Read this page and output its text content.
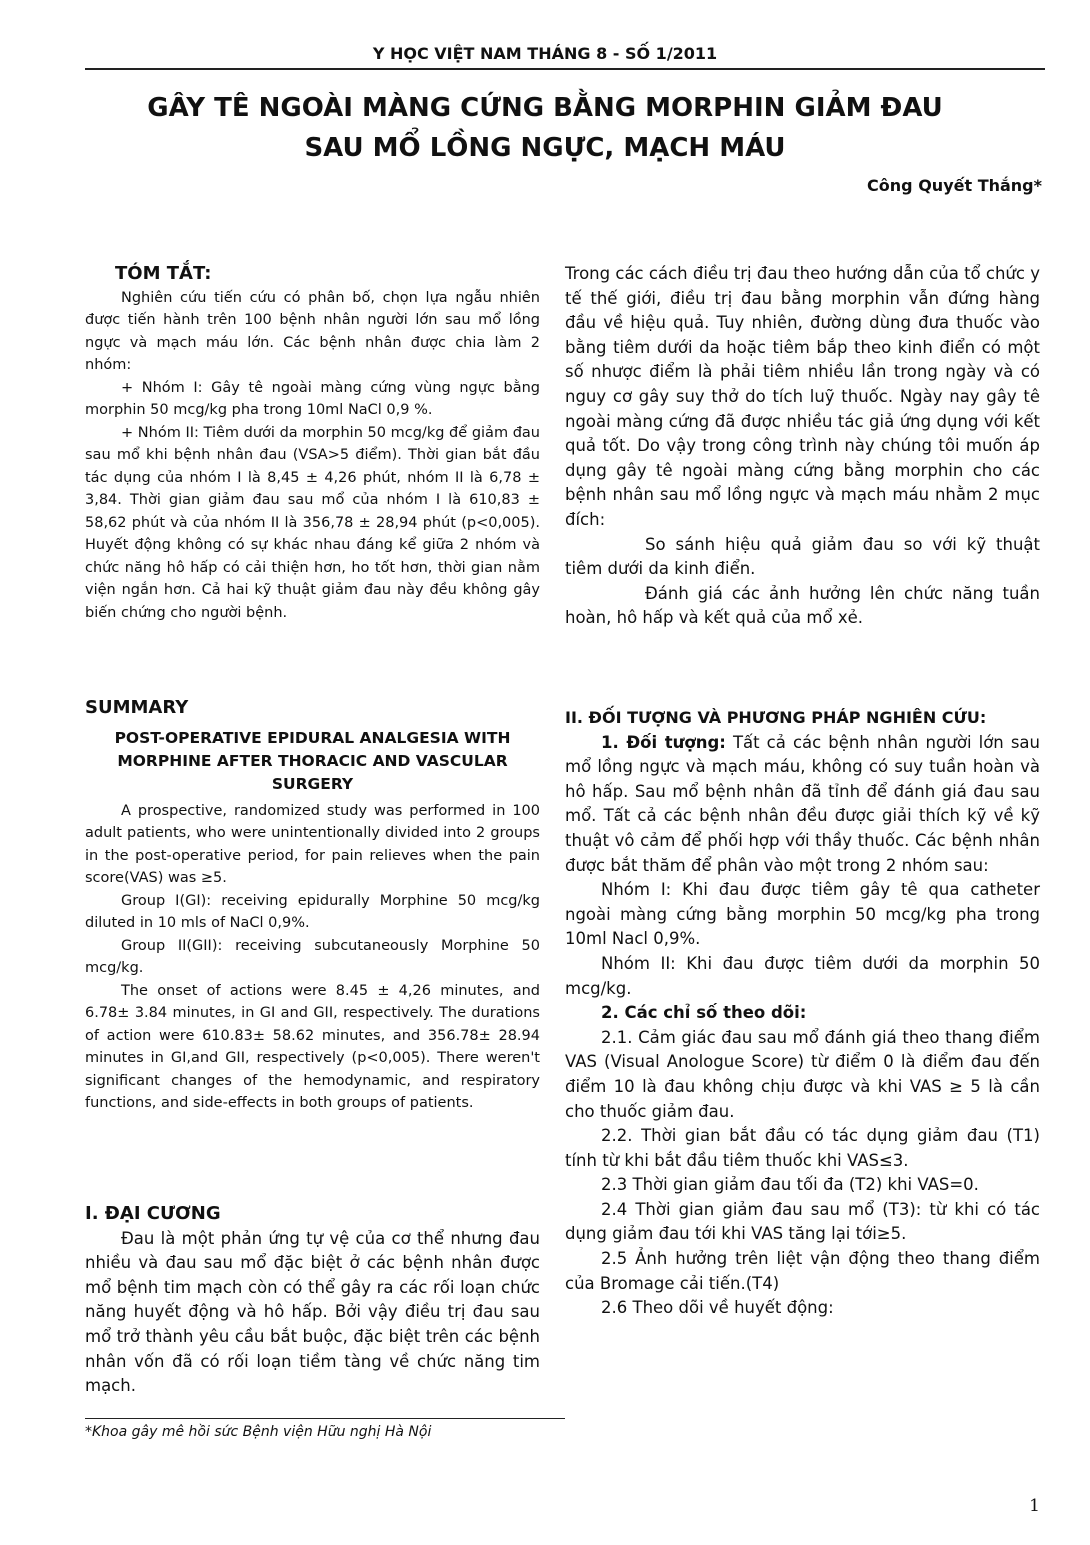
Y HỌC VIỆT NAM THÁNG 8 - SỐ 1/2011
GÂY TÊ NGOÀI MÀNG CỨNG BẰNG MORPHIN GIẢM ĐAU
SAU MỔ LỒNG NGỰC, MẠCH MÁU
Công Quyết Thắng*

TÓM TẮT:

Nghiên cứu tiến cứu có phân bố, chọn lựa ngẫu nhiên được tiến hành trên 100 bệnh nhân người lớn sau mổ lồng ngực và mạch máu lớn. Các bệnh nhân được chia làm 2 nhóm:

+ Nhóm I: Gây tê ngoài màng cứng vùng ngực bằng morphin 50 mcg/kg pha trong 10ml NaCl 0,9 %.

+ Nhóm II: Tiêm dưới da morphin 50 mcg/kg để giảm đau sau mổ khi bệnh nhân đau (VSA>5 điểm). Thời gian bắt đầu tác dụng của nhóm I là 8,45 ± 4,26 phút, nhóm II là 6,78 ± 3,84. Thời gian giảm đau sau mổ của nhóm I là 610,83 ± 58,62 phút và của nhóm II là 356,78 ± 28,94 phút (p<0,005). Huyết động không có sự khác nhau đáng kể giữa 2 nhóm và chức năng hô hấp có cải thiện hơn, ho tốt hơn, thời gian nằm viện ngắn hơn. Cả hai kỹ thuật giảm đau này đều không gây biến chứng cho người bệnh.

SUMMARY

POST-OPERATIVE EPIDURAL ANALGESIA WITH MORPHINE AFTER THORACIC AND VASCULAR SURGERY

A prospective, randomized study was performed in 100 adult patients, who were unintentionally divided into 2 groups in the post-operative period, for pain relieves when the pain score(VAS) was ≥5.

Group I(GI): receiving epidurally Morphine 50 mcg/kg diluted in 10 mls of NaCl 0,9%.

Group II(GII): receiving subcutaneously Morphine 50 mcg/kg.

The onset of actions were 8.45 ± 4,26 minutes, and 6.78± 3.84 minutes, in GI and GII, respectively. The durations of action were 610.83± 58.62 minutes, and 356.78± 28.94 minutes in GI,and GII, respectively (p<0,005). There weren't significant changes of the hemodynamic, and respiratory functions, and side-effects in both groups of patients.

I. ĐẠI CƯƠNG

Đau là một phản ứng tự vệ của cơ thể nhưng đau nhiều và đau sau mổ đặc biệt ở các bệnh nhân được mổ bệnh tim mạch còn có thể gây ra các rối loạn chức năng huyết động và hô hấp. Bởi vậy điều trị đau sau mổ trở thành yêu cầu bắt buộc, đặc biệt trên các bệnh nhân vốn đã có rối loạn tiềm tàng về chức năng tim mạch.

Trong các cách điều trị đau theo hướng dẫn của tổ chức y tế thế giới, điều trị đau bằng morphin vẫn đứng hàng đầu về hiệu quả. Tuy nhiên, đường dùng đưa thuốc vào bằng tiêm dưới da hoặc tiêm bắp theo kinh điển có một số nhược điểm là phải tiêm nhiều lần trong ngày và có nguy cơ gây suy thở do tích luỹ thuốc. Ngày nay gây tê ngoài màng cứng đã được nhiều tác giả ứng dụng với kết quả tốt. Do vậy trong công trình này chúng tôi muốn áp dụng gây tê ngoài màng cứng bằng morphin cho các bệnh nhân sau mổ lồng ngực và mạch máu nhằm 2 mục đích:

So sánh hiệu quả giảm đau so với kỹ thuật tiêm dưới da kinh điển.

Đánh giá các ảnh hưởng lên chức năng tuần hoàn, hô hấp và kết quả của mổ xẻ.

II. ĐỐI TƯỢNG VÀ PHƯƠNG PHÁP NGHIÊN CỨU:

1. Đối tượng: Tất cả các bệnh nhân người lớn sau mổ lồng ngực và mạch máu, không có suy tuần hoàn và hô hấp. Sau mổ bệnh nhân đã tỉnh để đánh giá đau sau mổ. Tất cả các bệnh nhân đều được giải thích kỹ về kỹ thuật vô cảm để phối hợp với thầy thuốc. Các bệnh nhân được bắt thăm để phân vào một trong 2 nhóm sau:

Nhóm I: Khi đau được tiêm gây tê qua catheter ngoài màng cứng bằng morphin 50 mcg/kg pha trong 10ml Nacl 0,9%.

Nhóm II: Khi đau được tiêm dưới da morphin 50 mcg/kg.

2. Các chỉ số theo dõi:

2.1. Cảm giác đau sau mổ đánh giá theo thang điểm VAS (Visual Anologue Score) từ điểm 0 là điểm đau đến điểm 10 là đau không chịu được và khi VAS ≥ 5 là cần cho thuốc giảm đau.

2.2. Thời gian bắt đầu có tác dụng giảm đau (T1) tính từ khi bắt đầu tiêm thuốc khi VAS≤3.

2.3 Thời gian giảm đau tối đa (T2) khi VAS=0.

2.4 Thời gian giảm đau sau mổ (T3): từ khi có tác dụng giảm đau tới khi VAS tăng lại tới≥5.

2.5 Ảnh hưởng trên liệt vận động theo thang điểm của Bromage cải tiến.(T4)

2.6 Theo dõi về huyết động:

*Khoa gây mê hồi sức Bệnh viện Hữu nghị Hà Nội
1
